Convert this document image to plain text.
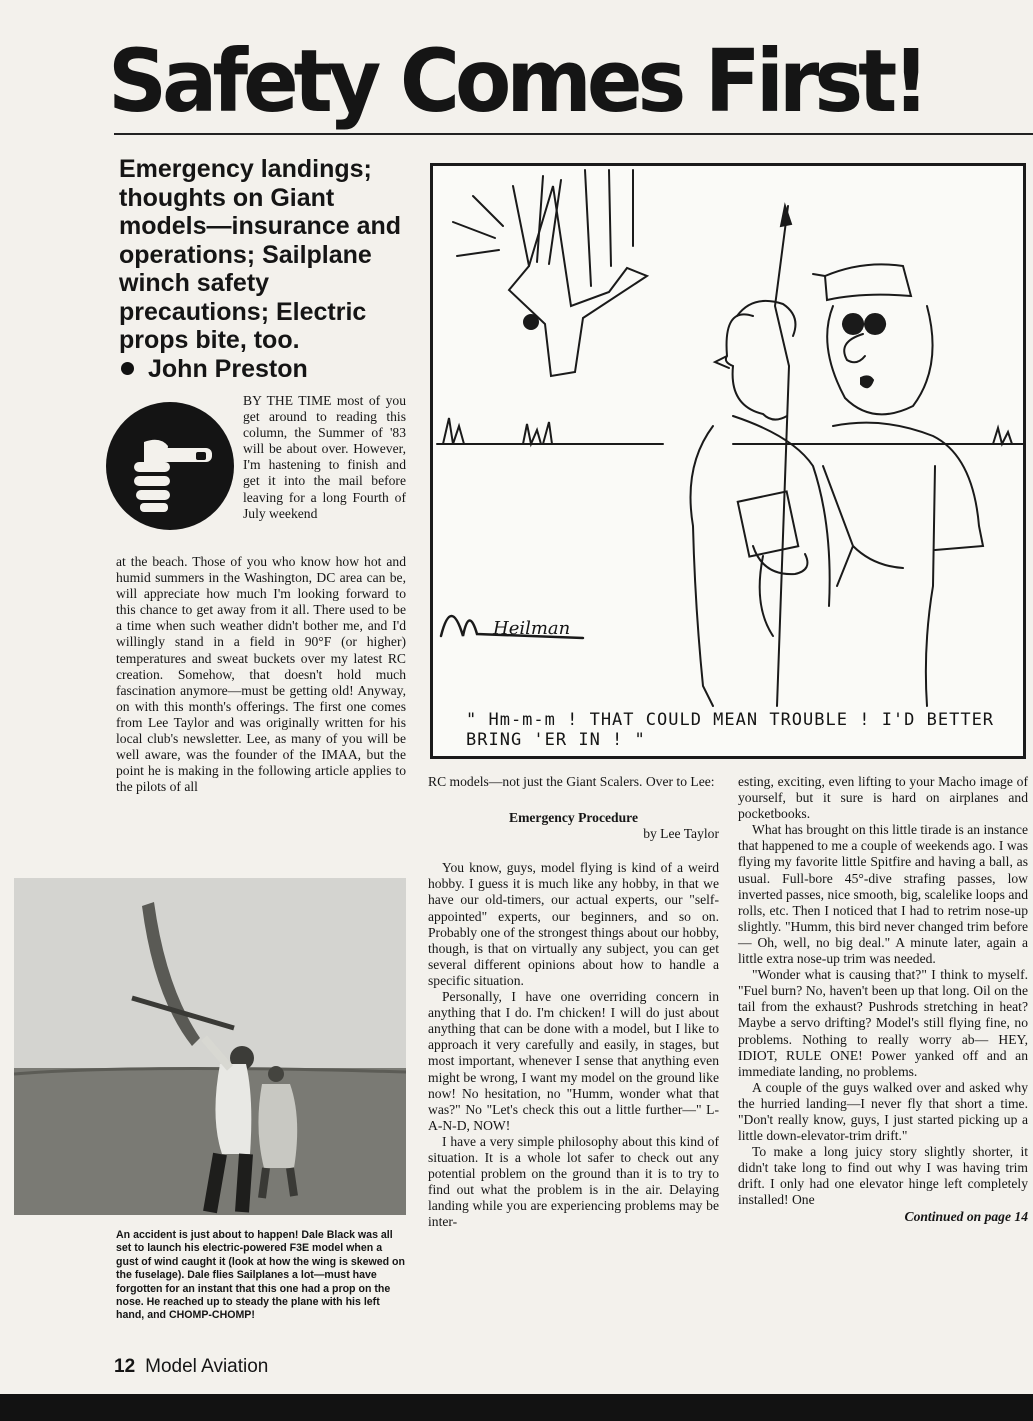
Safety Comes First!
Emergency landings; thoughts on Giant models—insurance and operations; Sailplane winch safety precautions; Electric props bite, too.
John Preston
BY THE TIME most of you get around to reading this column, the Summer of '83 will be about over. However, I'm hastening to finish and get it into the mail before leaving for a long Fourth of July weekend
at the beach. Those of you who know how hot and humid summers in the Washington, DC area can be, will appreciate how much I'm looking forward to this chance to get away from it all. There used to be a time when such weather didn't bother me, and I'd willingly stand in a field in 90°F (or higher) temperatures and sweat buckets over my latest RC creation. Somehow, that doesn't hold much fascination anymore—must be getting old! Anyway, on with this month's offerings. The first one comes from Lee Taylor and was originally written for his local club's newsletter. Lee, as many of you will be well aware, was the founder of the IMAA, but the point he is making in the following article applies to the pilots of all
Heilman
" Hm-m-m ! THAT COULD MEAN TROUBLE ! I'D BETTER BRING 'ER IN ! "

RC models—not just the Giant Scalers. Over to Lee:

Emergency Procedure
by Lee Taylor

You know, guys, model flying is kind of a weird hobby. I guess it is much like any hobby, in that we have our old-timers, our actual experts, our "self-appointed" experts, our beginners, and so on. Probably one of the strongest things about our hobby, though, is that on virtually any subject, you can get several different opinions about how to handle a specific situation.

Personally, I have one overriding concern in anything that I do. I'm chicken! I will do just about anything that can be done with a model, but I like to approach it very carefully and easily, in stages, but most important, whenever I sense that anything even might be wrong, I want my model on the ground like now! No hesitation, no "Humm, wonder what that was?" No "Let's check this out a little further—" L-A-N-D, NOW!

I have a very simple philosophy about this kind of situation. It is a whole lot safer to check out any potential problem on the ground than it is to try to find out what the problem is in the air. Delaying landing while you are experiencing problems may be inter-

esting, exciting, even lifting to your Macho image of yourself, but it sure is hard on airplanes and pocketbooks.

What has brought on this little tirade is an instance that happened to me a couple of weekends ago. I was flying my favorite little Spitfire and having a ball, as usual. Full-bore 45°-dive strafing passes, low inverted passes, nice smooth, big, scalelike loops and rolls, etc. Then I noticed that I had to retrim nose-up slightly. "Humm, this bird never changed trim before— Oh, well, no big deal." A minute later, again a little extra nose-up trim was needed.

"Wonder what is causing that?" I think to myself. "Fuel burn? No, haven't been up that long. Oil on the tail from the exhaust? Pushrods stretching in heat? Maybe a servo drifting? Model's still flying fine, no problems. Nothing to really worry ab— HEY, IDIOT, RULE ONE! Power yanked off and an immediate landing, no problems.

A couple of the guys walked over and asked why the hurried landing—I never fly that short a time. "Don't really know, guys, I just started picking up a little down-elevator-trim drift."

To make a long juicy story slightly shorter, it didn't take long to find out why I was having trim drift. I only had one elevator hinge left completely installed! One

Continued on page 14
An accident is just about to happen! Dale Black was all set to launch his electric-powered F3E model when a gust of wind caught it (look at how the wing is skewed on the fuselage). Dale flies Sailplanes a lot—must have forgotten for an instant that this one had a prop on the nose. He reached up to steady the plane with his left hand, and CHOMP-CHOMP!
12 Model Aviation
